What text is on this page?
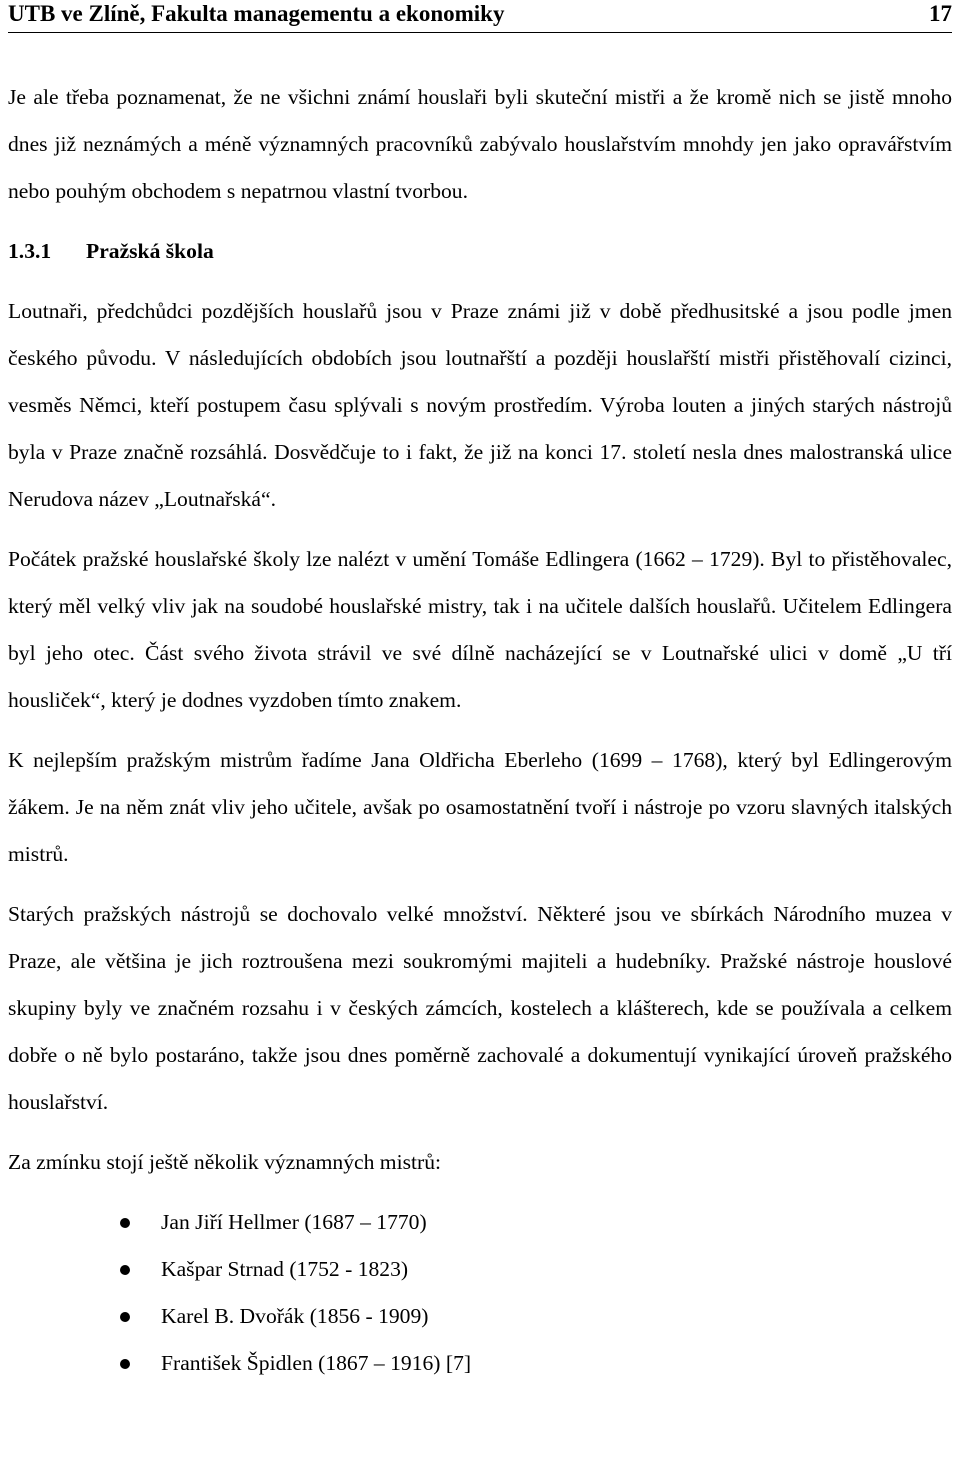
UTB ve Zlíně, Fakulta managementu a ekonomiky	17

Je ale třeba poznamenat, že ne všichni známí houslaři byli skuteční mistři a že kromě nich se jistě mnoho dnes již neznámých a méně významných pracovníků zabývalo houslařstvím mnohdy jen jako opravářstvím nebo pouhým obchodem s nepatrnou vlastní tvorbou.

1.3.1 Pražská škola

Loutnaři, předchůdci pozdějších houslařů jsou v Praze známi již v době předhusitské a jsou podle jmen českého původu. V následujících obdobích jsou loutnařští a později houslařští mistři přistěhovalí cizinci, vesměs Němci, kteří postupem času splývali s novým prostředím. Výroba louten a jiných starých nástrojů byla v Praze značně rozsáhlá. Dosvědčuje to i fakt, že již na konci 17. století nesla dnes malostranská ulice Nerudova název „Loutnařská“.

Počátek pražské houslařské školy lze nalézt v umění Tomáše Edlingera (1662 – 1729). Byl to přistěhovalec, který měl velký vliv jak na soudobé houslařské mistry, tak i na učitele dalších houslařů. Učitelem Edlingera byl jeho otec. Část svého života strávil ve své dílně nacházející se v Loutnařské ulici v domě „U tří housliček“, který je dodnes vyzdoben tímto znakem.

K nejlepším pražským mistrům řadíme Jana Oldřicha Eberleho (1699 – 1768), který byl Edlingerovým žákem. Je na něm znát vliv jeho učitele, avšak po osamostatnění tvoří i nástroje po vzoru slavných italských mistrů.

Starých pražských nástrojů se dochovalo velké množství. Některé jsou ve sbírkách Národního muzea v Praze, ale většina je jich roztroušena mezi soukromými majiteli a hudebníky. Pražské nástroje houslové skupiny byly ve značném rozsahu i v českých zámcích, kostelech a klášterech, kde se používala a celkem dobře o ně bylo postaráno, takže jsou dnes poměrně zachovalé a dokumentují vynikající úroveň pražského houslařství.

Za zmínku stojí ještě několik významných mistrů:

Jan Jiří Hellmer (1687 – 1770)
Kašpar Strnad (1752 - 1823)
Karel B. Dvořák (1856 - 1909)
František Špidlen (1867 – 1916) [7]
